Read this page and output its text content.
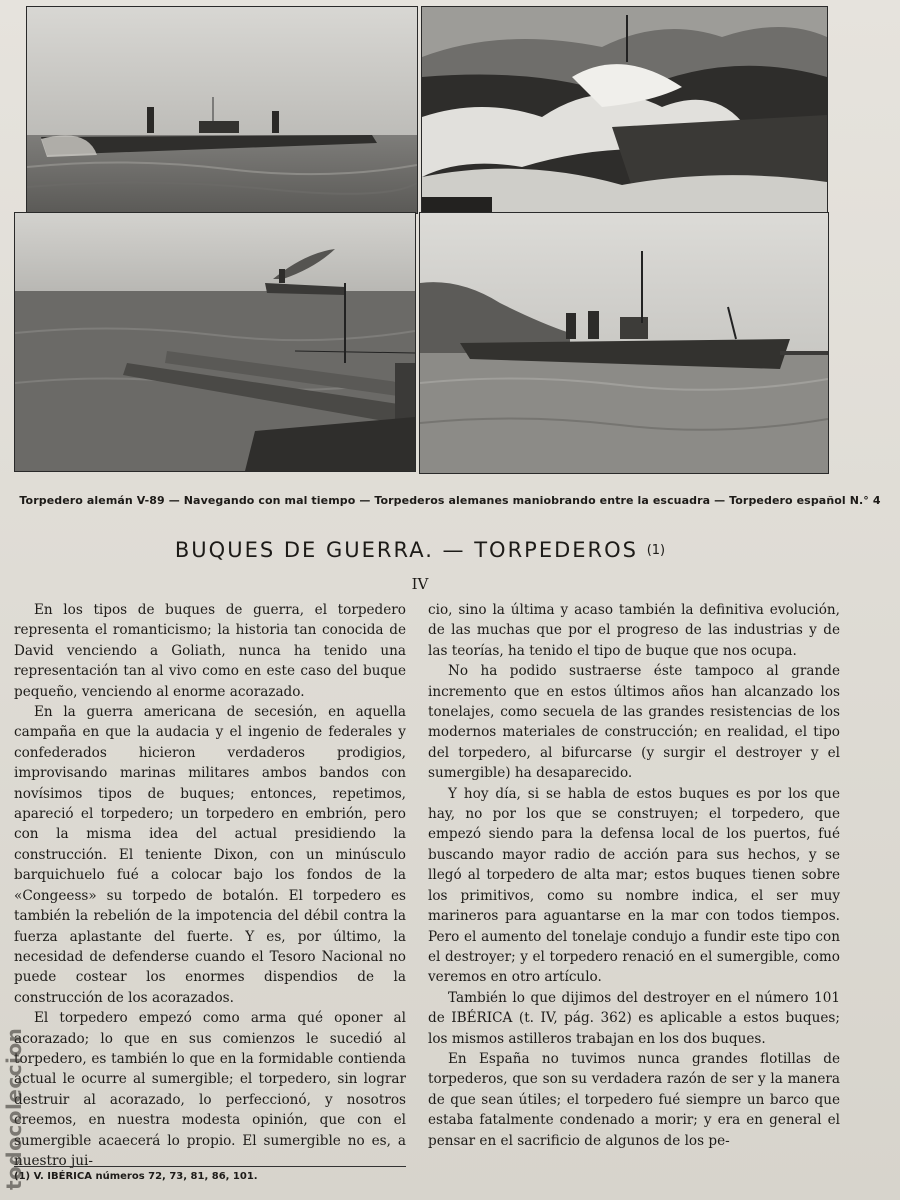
Torpedero alemán V-89 — Navegando con mal tiempo — Torpederos alemanes maniobrando entre la escuadra — Torpedero español N.° 4
BUQUES DE GUERRA. — TORPEDEROS $^{(1)}$
IV

En los tipos de buques de guerra, el torpedero representa el romanticismo; la historia tan conocida de David venciendo a Goliath, nunca ha tenido una representación tan al vivo como en este caso del buque pequeño, venciendo al enorme acorazado.

En la guerra americana de secesión, en aquella campaña en que la audacia y el ingenio de federales y confederados hicieron verdaderos prodigios, improvisando marinas militares ambos bandos con novísimos tipos de buques; entonces, repetimos, apareció el torpedero; un torpedero en embrión, pero con la misma idea del actual presidiendo la construcción. El teniente Dixon, con un minúsculo barquichuelo fué a colocar bajo los fondos de la «Congeess» su torpedo de botalón. El torpedero es también la rebelión de la impotencia del débil contra la fuerza aplastante del fuerte. Y es, por último, la necesidad de defenderse cuando el Tesoro Nacional no puede costear los enormes dispendios de la construcción de los acorazados.

El torpedero empezó como arma qué oponer al acorazado; lo que en sus comienzos le sucedió al torpedero, es también lo que en la formidable contienda actual le ocurre al sumergible; el torpedero, sin lograr destruir al acorazado, lo perfeccionó, y nosotros creemos, en nuestra modesta opinión, que con el sumergible acaecerá lo propio. El sumergible no es, a nuestro jui-

cio, sino la última y acaso también la definitiva evolución, de las muchas que por el progreso de las industrias y de las teorías, ha tenido el tipo de buque que nos ocupa.

No ha podido sustraerse éste tampoco al grande incremento que en estos últimos años han alcanzado los tonelajes, como secuela de las grandes resistencias de los modernos materiales de construcción; en realidad, el tipo del torpedero, al bifurcarse (y surgir el destroyer y el sumergible) ha desaparecido.

Y hoy día, si se habla de estos buques es por los que hay, no por los que se construyen; el torpedero, que empezó siendo para la defensa local de los puertos, fué buscando mayor radio de acción para sus hechos, y se llegó al torpedero de alta mar; estos buques tienen sobre los primitivos, como su nombre indica, el ser muy marineros para aguantarse en la mar con todos tiempos. Pero el aumento del tonelaje condujo a fundir este tipo con el destroyer; y el torpedero renació en el sumergible, como veremos en otro artículo.

También lo que dijimos del destroyer en el número 101 de IBÉRICA (t. IV, pág. 362) es aplicable a estos buques; los mismos astilleros trabajan en los dos buques.

En España no tuvimos nunca grandes flotillas de torpederos, que son su verdadera razón de ser y la manera de que sean útiles; el torpedero fué siempre un barco que estaba fatalmente condenado a morir; y era en general el pensar en el sacrificio de algunos de los pe-

(1) V. IBÉRICA números 72, 73, 81, 86, 101.
todocoleccion
